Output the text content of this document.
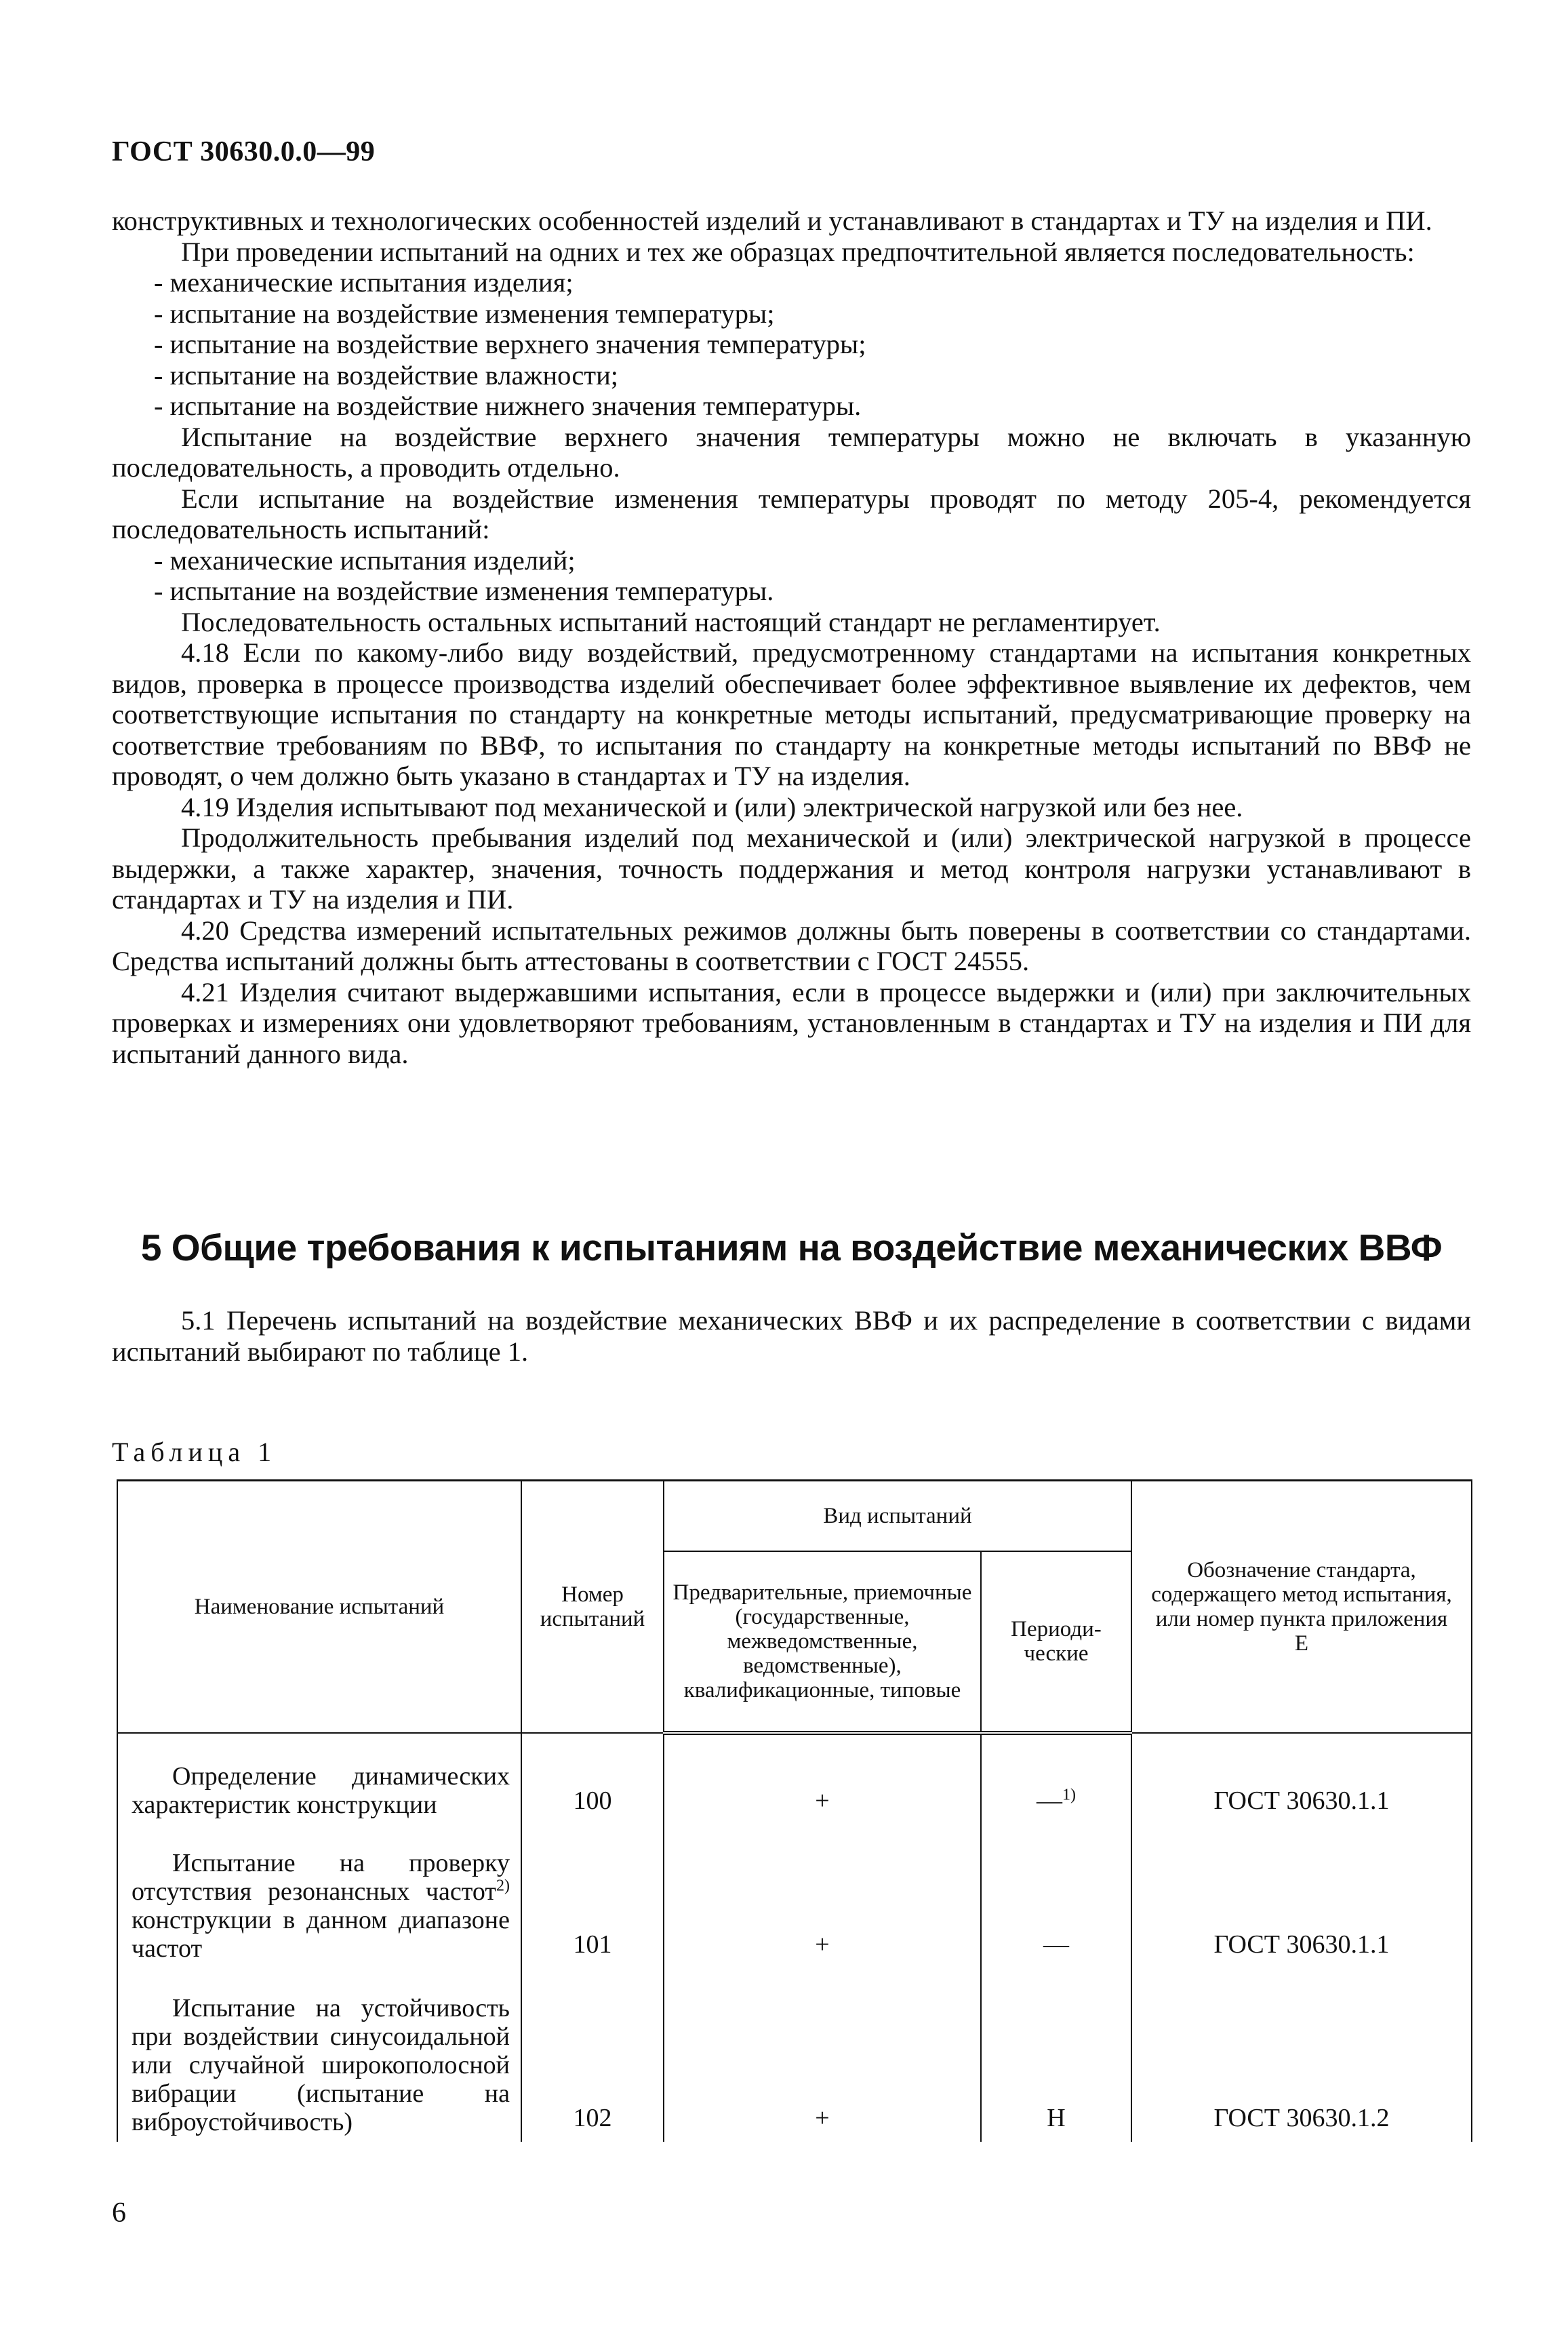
ГОСТ 30630.0.0—99

конструктивных и технологических особенностей изделий и устанавливают в стандартах и ТУ на изделия и ПИ.

При проведении испытаний на одних и тех же образцах предпочтительной является последовательность:

- механические испытания изделия;

- испытание на воздействие изменения температуры;

- испытание на воздействие верхнего значения температуры;

- испытание на воздействие влажности;

- испытание на воздействие нижнего значения температуры.

Испытание на воздействие верхнего значения температуры можно не включать в указанную последовательность, а проводить отдельно.

Если испытание на воздействие изменения температуры проводят по методу 205-4, рекомендуется последовательность испытаний:

- механические испытания изделий;

- испытание на воздействие изменения температуры.

Последовательность остальных испытаний настоящий стандарт не регламентирует.

4.18 Если по какому-либо виду воздействий, предусмотренному стандартами на испытания конкретных видов, проверка в процессе производства изделий обеспечивает более эффективное выявление их дефектов, чем соответствующие испытания по стандарту на конкретные методы испытаний, предусматривающие проверку на соответствие требованиям по ВВФ, то испытания по стандарту на конкретные методы испытаний по ВВФ не проводят, о чем должно быть указано в стандартах и ТУ на изделия.

4.19 Изделия испытывают под механической и (или) электрической нагрузкой или без нее.

Продолжительность пребывания изделий под механической и (или) электрической нагрузкой в процессе выдержки, а также характер, значения, точность поддержания и метод контроля нагрузки устанавливают в стандартах и ТУ на изделия и ПИ.

4.20 Средства измерений испытательных режимов должны быть поверены в соответствии со стандартами. Средства испытаний должны быть аттестованы в соответствии с ГОСТ 24555.

4.21 Изделия считают выдержавшими испытания, если в процессе выдержки и (или) при заключительных проверках и измерениях они удовлетворяют требованиям, установленным в стандартах и ТУ на изделия и ПИ для испытаний данного вида.

5 Общие требования к испытаниям на воздействие механических ВВФ

5.1 Перечень испытаний на воздействие механических ВВФ и их распределение в соответствии с видами испытаний выбирают по таблице 1.

Таблица 1
Наименование испытаний	Номер испытаний	Вид испытаний		Обозначение стандарта, содержащего метод испытания, или номер пункта приложения Е
		Предварительные, приемочные (государственные, межведомственные, ведомственные), квалификационные, типовые	Периоди-ческие	
Определение динамических характеристик конструкции	100	+	—$^{1)}$	ГОСТ 30630.1.1
Испытание на проверку отсутствия резонансных частот$^{2)}$ конструкции в данном диапазоне частот	101	+	—	ГОСТ 30630.1.1
Испытание на устойчивость при воздействии синусоидальной или случайной широкополосной вибрации (испытание на виброустойчивость)	102	+	Н	ГОСТ 30630.1.2
6
